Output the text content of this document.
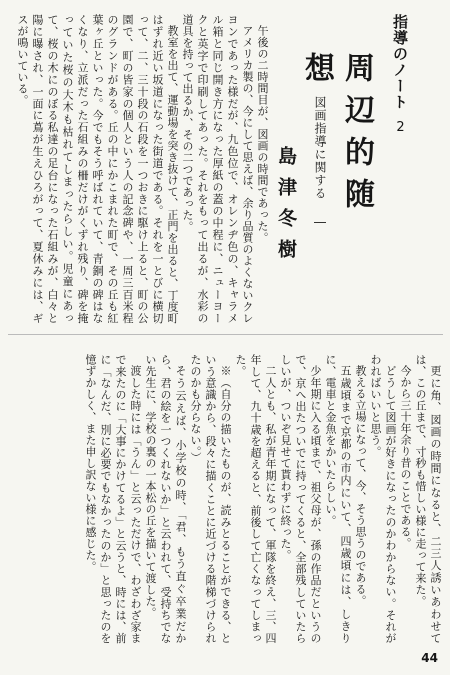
指導のノート2
周辺的随想
― 図画指導に関する ―
島津冬樹

午後の二時間目が、図画の時間であった。

アメリカ製の、今にして思えば、余り品質のよくないクレヨンであった様だが、九色位で、オレンヂ色の、キャラメル箱と同じ開き方になった厚紙の蓋の中程に、ニューヨークと英字で印刷してあった。それをもって出るが、水彩の道具を持って出るか、その二つであった。

教室を出て、運動場を突き抜けて、正門を出ると、丁度町はずれ近い坂道になった街道である。それを一とびに横切って、二、三十段の石段を一つおきに駆け上ると、町の公園で、町の皆家の個人という人の記念碑や、一周三百米程のグランドがある。丘の中にかこまれた町で、その丘も紅葉ヶ丘といった。今でもそう呼ばれていて、青銅の碑はなくなり、立派だった石組みの柵だけがくずれ残り、碑を掩っていた桜の大木も枯れてしまったらしい。児童にあって、桜の木にのぼる私達の足台になった石組みが、白々と陽に曝され、一面に蔦が生えひろがって、夏休みには、ギスが鳴いている。

更に角、図画の時間になると、二三人誘いあわせては、この丘まで、寸秒も惜しい様に走って来た。

今から三十年余り昔のことである。

どうして図画が好きになったのかわからない。それがわればいいと思う。

教える立場になって、今、そう思うのである。

五歳頃まで京都の市内にいて、四歳頃には、しきりに、電車と金魚をかいたらしい。

少年期に入る頃まで、祖父母が、孫の作品だというので、京へ出たついでに持ってくると、全部残していたらしいが、ついぞ見せて貰わずに終った。

二人とも、私が青年期になって、軍隊を終え、三、四年して、九十歳を超えると、前後して亡くなってしまった。

※（自分の描いたものが、読みとることができる、という意識から、段々に描くことに近づける階梯づけられたのかも分らない。）

そう云えば、小学校の時、「君、もう直ぐ卒業だから、君の絵を一つくれないか」と云われて、受持ちでない先生に、学校の裏の一本松の丘を描いて渡した。

渡した時には「うん」と云っただけで、わざわざ家まで来たのに「大事にかけてるよ」と云うと、時には、前に「なんだ、別に必要でもなかったのか」と思ったのを憶ずかしく、また申し訳ない様に感じた。

44
